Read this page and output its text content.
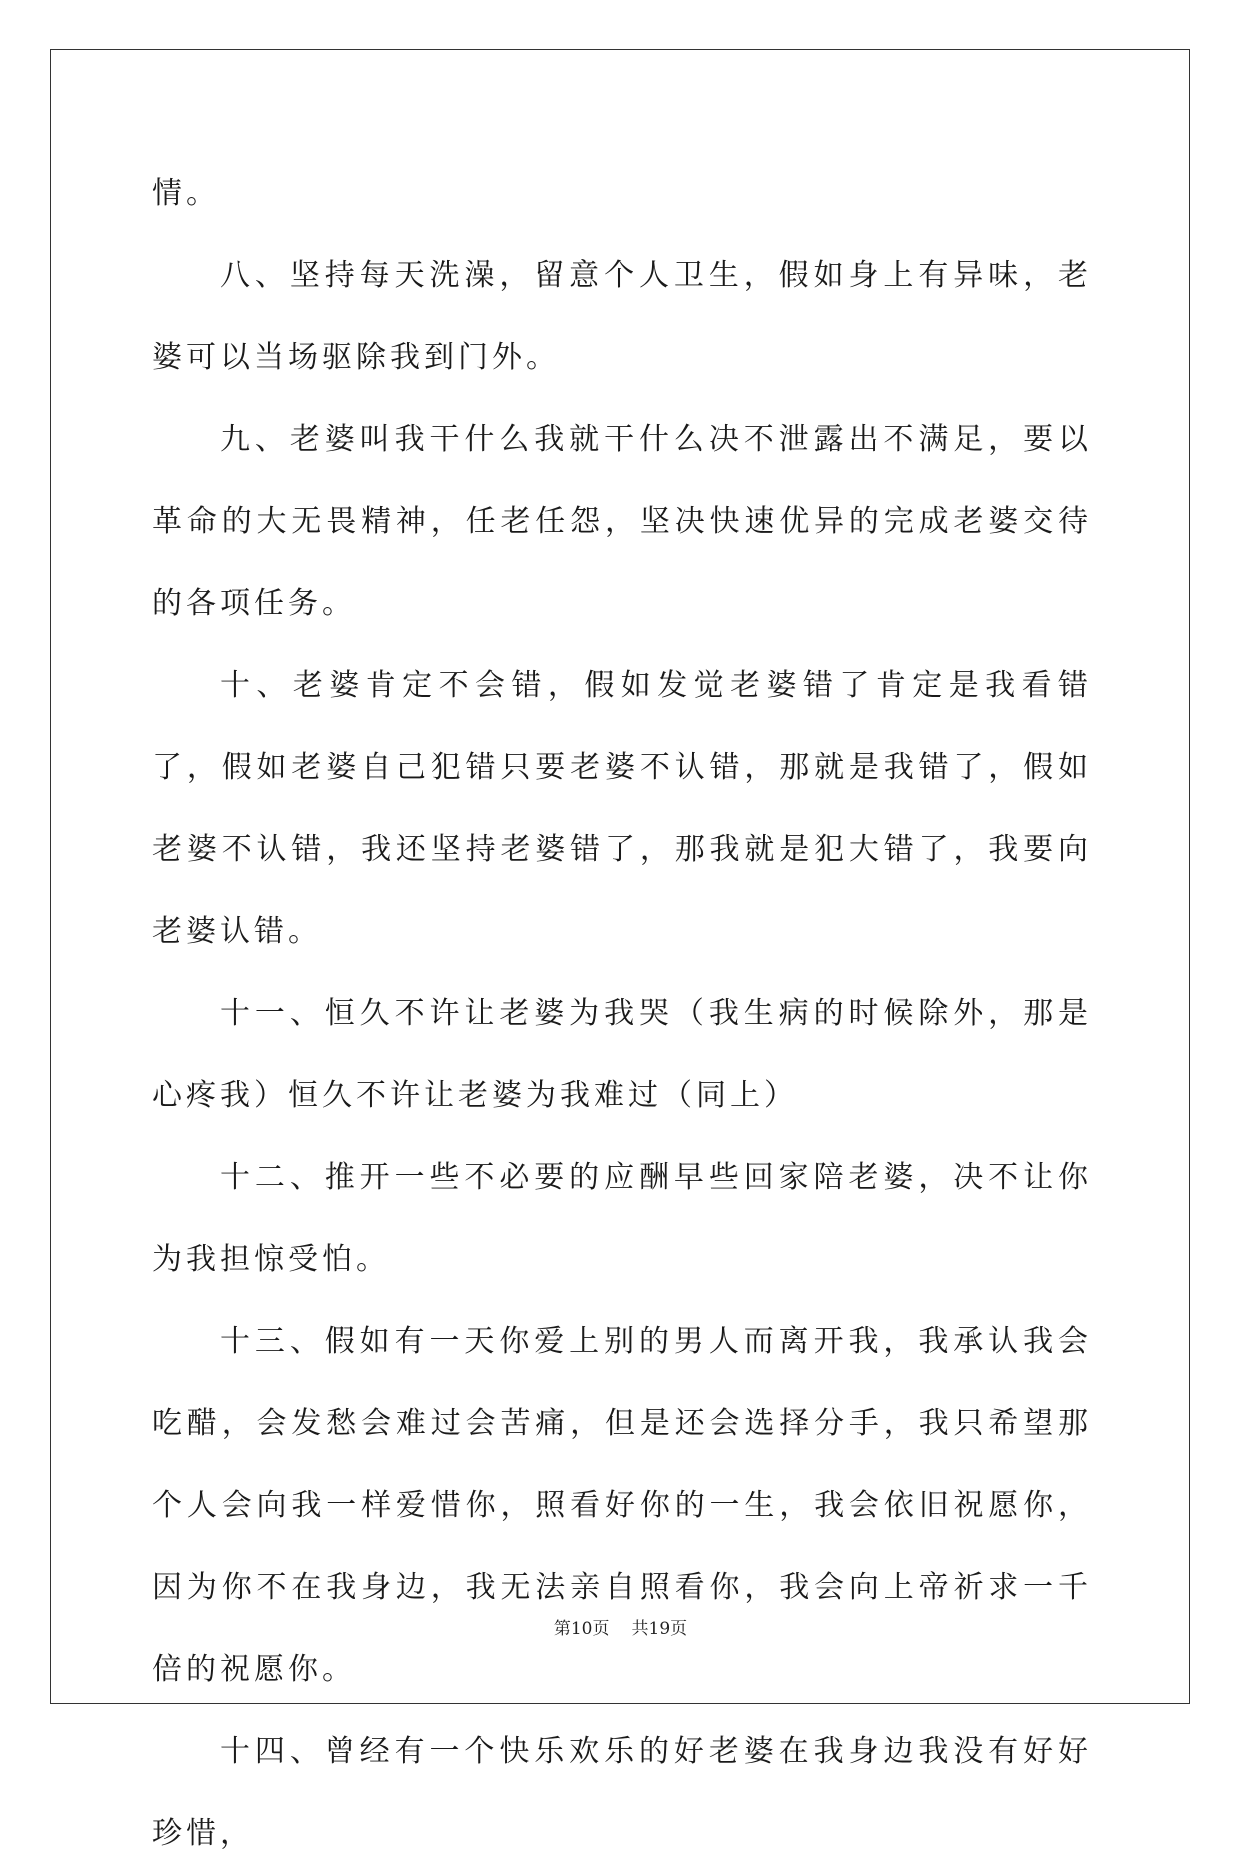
情。

八、坚持每天洗澡，留意个人卫生，假如身上有异味，老婆可以当场驱除我到门外。

九、老婆叫我干什么我就干什么决不泄露出不满足，要以革命的大无畏精神，任老任怨，坚决快速优异的完成老婆交待的各项任务。

十、老婆肯定不会错，假如发觉老婆错了肯定是我看错了，假如老婆自己犯错只要老婆不认错，那就是我错了，假如老婆不认错，我还坚持老婆错了，那我就是犯大错了，我要向老婆认错。

十一、恒久不许让老婆为我哭（我生病的时候除外，那是心疼我）恒久不许让老婆为我难过（同上）

十二、推开一些不必要的应酬早些回家陪老婆，决不让你为我担惊受怕。

十三、假如有一天你爱上别的男人而离开我，我承认我会吃醋，会发愁会难过会苦痛，但是还会选择分手，我只希望那个人会向我一样爱惜你，照看好你的一生，我会依旧祝愿你，因为你不在我身边，我无法亲自照看你，我会向上帝祈求一千倍的祝愿你。

十四、曾经有一个快乐欢乐的好老婆在我身边我没有好好珍惜，

第10页 共19页
